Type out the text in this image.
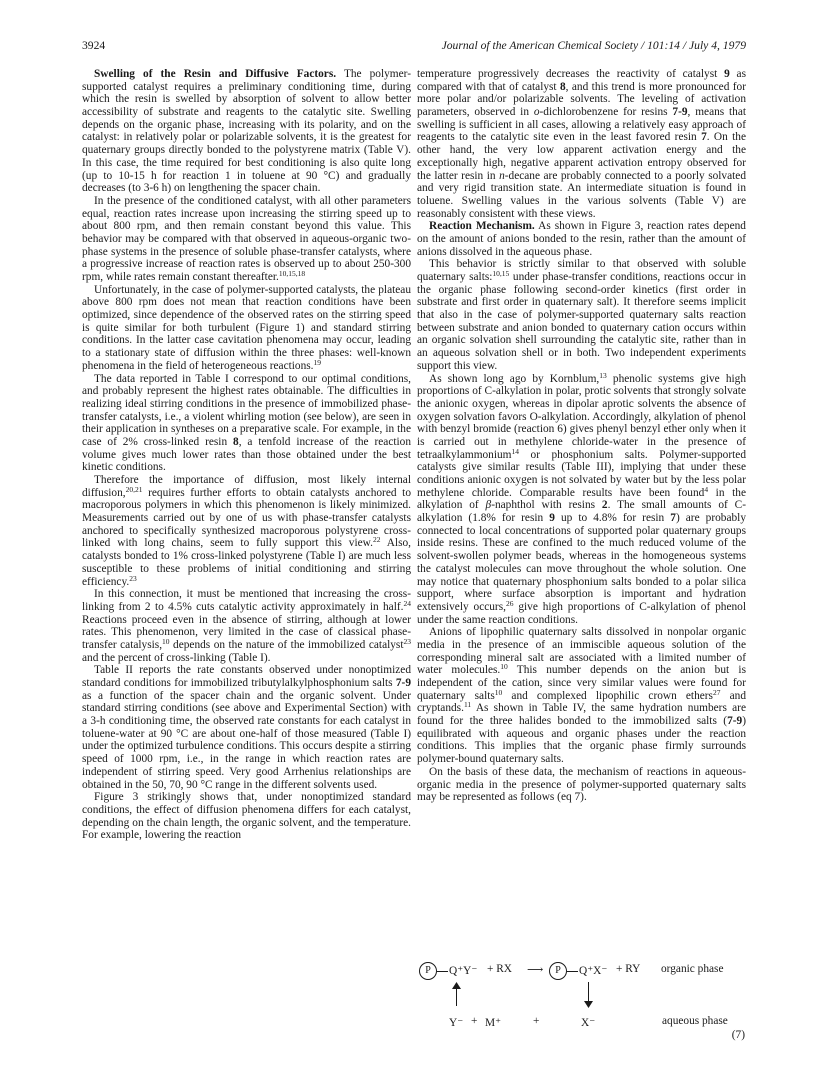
3924	Journal of the American Chemical Society / 101:14 / July 4, 1979

Swelling of the Resin and Diffusive Factors. The polymer-supported catalyst requires a preliminary conditioning time, during which the resin is swelled by absorption of solvent to allow better accessibility of substrate and reagents to the catalytic site. Swelling depends on the organic phase, increasing with its polarity, and on the catalyst: in relatively polar or polarizable solvents, it is the greatest for quaternary groups directly bonded to the polystyrene matrix (Table V). In this case, the time required for best conditioning is also quite long (up to 10-15 h for reaction 1 in toluene at 90 °C) and gradually decreases (to 3-6 h) on lengthening the spacer chain.

In the presence of the conditioned catalyst, with all other parameters equal, reaction rates increase upon increasing the stirring speed up to about 800 rpm, and then remain constant beyond this value. This behavior may be compared with that observed in aqueous-organic two-phase systems in the presence of soluble phase-transfer catalysts, where a progressive increase of reaction rates is observed up to about 250-300 rpm, while rates remain constant thereafter.$^{10,15,18}$

Unfortunately, in the case of polymer-supported catalysts, the plateau above 800 rpm does not mean that reaction conditions have been optimized, since dependence of the observed rates on the stirring speed is quite similar for both turbulent (Figure 1) and standard stirring conditions. In the latter case cavitation phenomena may occur, leading to a stationary state of diffusion within the three phases: well-known phenomena in the field of heterogeneous reactions.$^{19}$

The data reported in Table I correspond to our optimal conditions, and probably represent the highest rates obtainable. The difficulties in realizing ideal stirring conditions in the presence of immobilized phase-transfer catalysts, i.e., a violent whirling motion (see below), are seen in their application in syntheses on a preparative scale. For example, in the case of 2% cross-linked resin 8, a tenfold increase of the reaction volume gives much lower rates than those obtained under the best kinetic conditions.

Therefore the importance of diffusion, most likely internal diffusion,$^{20,21}$ requires further efforts to obtain catalysts anchored to macroporous polymers in which this phenomenon is likely minimized. Measurements carried out by one of us with phase-transfer catalysts anchored to specifically synthesized macroporous polystyrene cross-linked with long chains, seem to fully support this view.$^{22}$ Also, catalysts bonded to 1% cross-linked polystyrene (Table I) are much less susceptible to these problems of initial conditioning and stirring efficiency.$^{23}$

In this connection, it must be mentioned that increasing the cross-linking from 2 to 4.5% cuts catalytic activity approximately in half.$^{24}$ Reactions proceed even in the absence of stirring, although at lower rates. This phenomenon, very limited in the case of classical phase-transfer catalysis,$^{10}$ depends on the nature of the immobilized catalyst$^{23}$ and the percent of cross-linking (Table I).

Table II reports the rate constants observed under nonoptimized standard conditions for immobilized tributylalkylphosphonium salts 7-9 as a function of the spacer chain and the organic solvent. Under standard stirring conditions (see above and Experimental Section) with a 3-h conditioning time, the observed rate constants for each catalyst in toluene-water at 90 °C are about one-half of those measured (Table I) under the optimized turbulence conditions. This occurs despite a stirring speed of 1000 rpm, i.e., in the range in which reaction rates are independent of stirring speed. Very good Arrhenius relationships are obtained in the 50, 70, 90 °C range in the different solvents used.

Figure 3 strikingly shows that, under nonoptimized standard conditions, the effect of diffusion phenomena differs for each catalyst, depending on the chain length, the organic solvent, and the temperature. For example, lowering the reaction

temperature progressively decreases the reactivity of catalyst 9 as compared with that of catalyst 8, and this trend is more pronounced for more polar and/or polarizable solvents. The leveling of activation parameters, observed in o-dichlorobenzene for resins 7-9, means that swelling is sufficient in all cases, allowing a relatively easy approach of reagents to the catalytic site even in the least favored resin 7. On the other hand, the very low apparent activation energy and the exceptionally high, negative apparent activation entropy observed for the latter resin in n-decane are probably connected to a poorly solvated and very rigid transition state. An intermediate situation is found in toluene. Swelling values in the various solvents (Table V) are reasonably consistent with these views.

Reaction Mechanism. As shown in Figure 3, reaction rates depend on the amount of anions bonded to the resin, rather than the amount of anions dissolved in the aqueous phase.

This behavior is strictly similar to that observed with soluble quaternary salts:$^{10,15}$ under phase-transfer conditions, reactions occur in the organic phase following second-order kinetics (first order in substrate and first order in quaternary salt). It therefore seems implicit that also in the case of polymer-supported quaternary salts reaction between substrate and anion bonded to quaternary cation occurs within an organic solvation shell surrounding the catalytic site, rather than in an aqueous solvation shell or in both. Two independent experiments support this view.

As shown long ago by Kornblum,$^{13}$ phenolic systems give high proportions of C-alkylation in polar, protic solvents that strongly solvate the anionic oxygen, whereas in dipolar aprotic solvents the absence of oxygen solvation favors O-alkylation. Accordingly, alkylation of phenol with benzyl bromide (reaction 6) gives phenyl benzyl ether only when it is carried out in methylene chloride-water in the presence of tetraalkylammonium$^{14}$ or phosphonium salts. Polymer-supported catalysts give similar results (Table III), implying that under these conditions anionic oxygen is not solvated by water but by the less polar methylene chloride. Comparable results have been found$^4$ in the alkylation of β-naphthol with resins 2. The small amounts of C-alkylation (1.8% for resin 9 up to 4.8% for resin 7) are probably connected to local concentrations of supported polar quaternary groups inside resins. These are confined to the much reduced volume of the solvent-swollen polymer beads, whereas in the homogeneous systems the catalyst molecules can move throughout the whole solution. One may notice that quaternary phosphonium salts bonded to a polar silica support, where surface absorption is important and hydration extensively occurs,$^{26}$ give high proportions of C-alkylation of phenol under the same reaction conditions.

Anions of lipophilic quaternary salts dissolved in nonpolar organic media in the presence of an immiscible aqueous solution of the corresponding mineral salt are associated with a limited number of water molecules.$^{10}$ This number depends on the anion but is independent of the cation, since very similar values were found for quaternary salts$^{10}$ and complexed lipophilic crown ethers$^{27}$ and cryptands.$^{11}$ As shown in Table IV, the same hydration numbers are found for the three halides bonded to the immobilized salts (7-9) equilibrated with aqueous and organic phases under the reaction conditions. This implies that the organic phase firmly surrounds polymer-bound quaternary salts.

On the basis of these data, the mechanism of reactions in aqueous-organic media in the presence of polymer-supported quaternary salts may be represented as follows (eq 7).

P	Q⁺Y⁻ + RX ⟶	P	Q⁺X⁻ + RY organic phase
Y⁻ + M⁺	+	X⁻	aqueous phase
(7)
